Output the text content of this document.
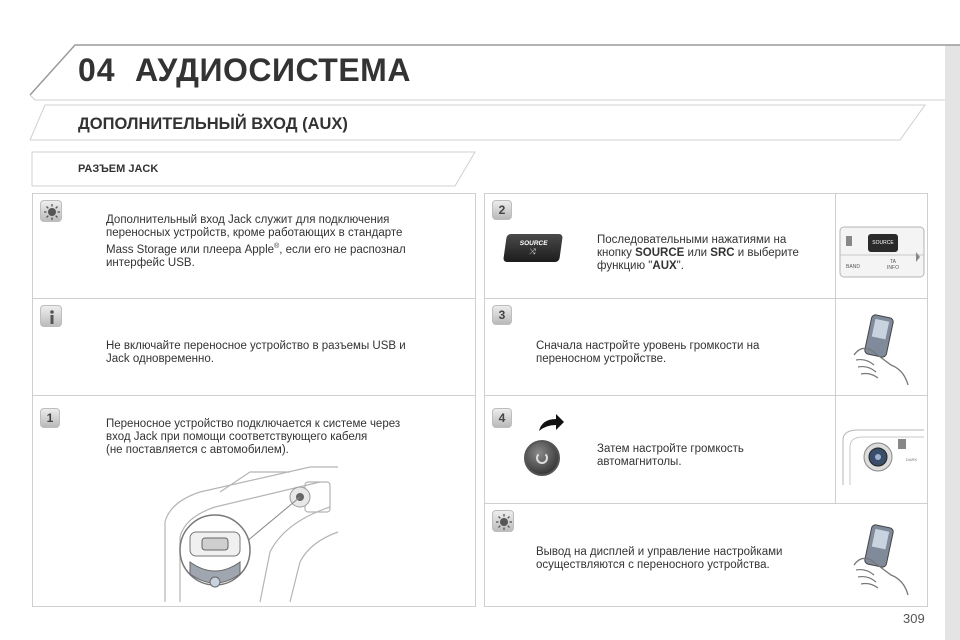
04 АУДИОСИСТЕМА
ДОПОЛНИТЕЛЬНЫЙ ВХОД (AUX)
РАЗЪЕМ JACK
Дополнительный вход Jack служит для подключения
переносных устройств, кроме работающих в стандарте
Mass Storage или плеера Apple®, если его не распознал
интерфейс USB.
Не включайте переносное устройство в разъемы USB и
Jack одновременно.
1	Переносное устройство подключается к системе через
вход Jack при помощи соответствующего кабеля
(не поставляется с автомобилем).
2
SOURCE
⤨
Последовательными нажатиями на
кнопку SOURCE или SRC и выберите
функцию "AUX".
SOURCE
BAND
TA
INFO
3
Сначала настройте уровень громкости на
переносном устройстве.
4
Затем настройте громкость
автомагнитолы.	DARK
Вывод на дисплей и управление настройками
осуществляются с переносного устройства.
309
